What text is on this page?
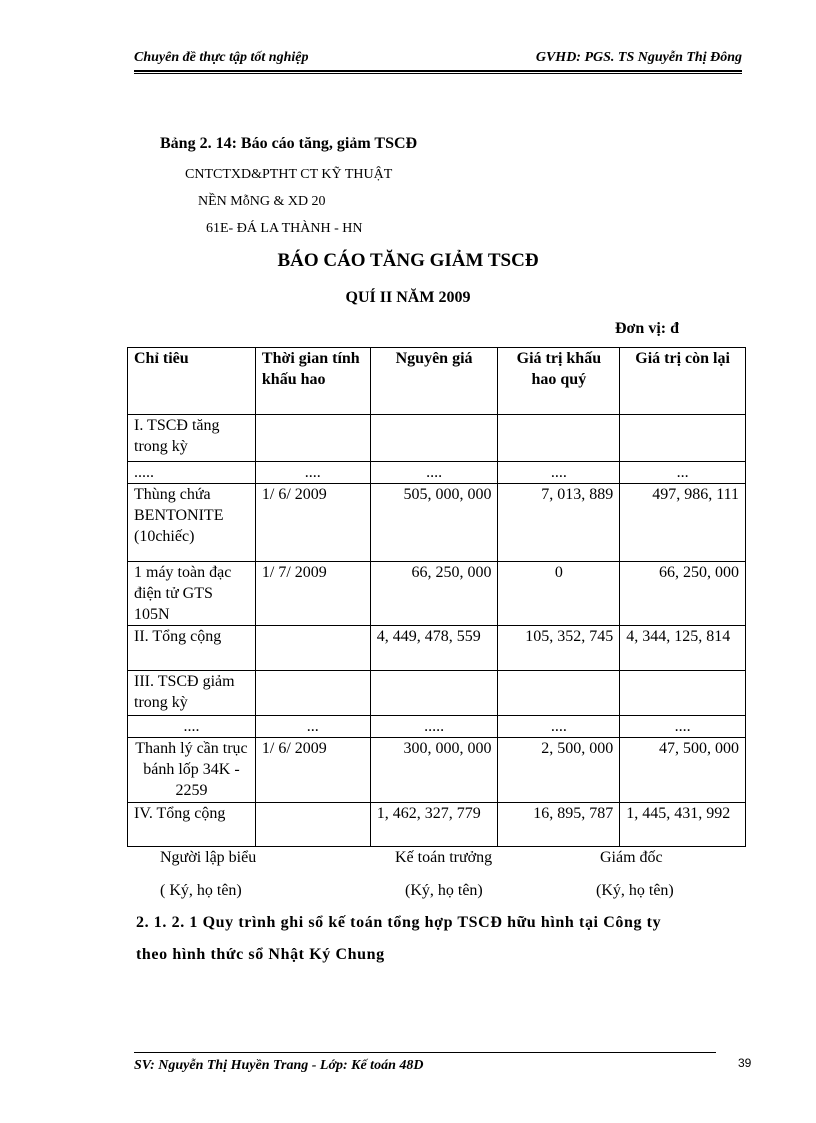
Chuyên đề thực tập tốt nghiệp	GVHD: PGS. TS Nguyễn Thị Đông
Bảng 2. 14: Báo cáo tăng, giảm TSCĐ
CNTCTXD&PTHT CT KỸ THUẬT
NỀN MỗNG & XD 20
61E- ĐÁ LA THÀNH - HN
BÁO CÁO TĂNG GIẢM TSCĐ
QUÍ II NĂM 2009
Đơn vị: đ
Chỉ tiêu	Thời gian tính khấu hao	Nguyên giá	Giá trị khấu hao quý	Giá trị còn lại
I. TSCĐ tăng trong kỳ				
.....	....	....	....	...
Thùng chứa BENTONITE (10chiếc)	1/ 6/ 2009	505, 000, 000	7, 013, 889	497, 986, 111
1 máy toàn đạc điện tử GTS 105N	1/ 7/ 2009	66, 250, 000	0	66, 250, 000
II. Tổng cộng		4, 449, 478, 559	105, 352, 745	4, 344, 125, 814
III. TSCĐ giảm trong kỳ				
....	...	.....	....	....
Thanh lý cần trục bánh lốp 34K - 2259	1/ 6/ 2009	300, 000, 000	2, 500, 000	47, 500, 000
IV. Tổng cộng		1, 462, 327, 779	16, 895, 787	1, 445, 431, 992
Người lập biểu	Kế toán trưởng	Giám đốc
( Ký, họ tên)	(Ký, họ tên)	(Ký, họ tên)
2. 1. 2. 1 Quy trình ghi sổ kế toán tổng hợp TSCĐ hữu hình tại Công ty
theo hình thức sổ Nhật Ký Chung
SV: Nguyễn Thị Huyền Trang - Lớp: Kế toán 48D	39
